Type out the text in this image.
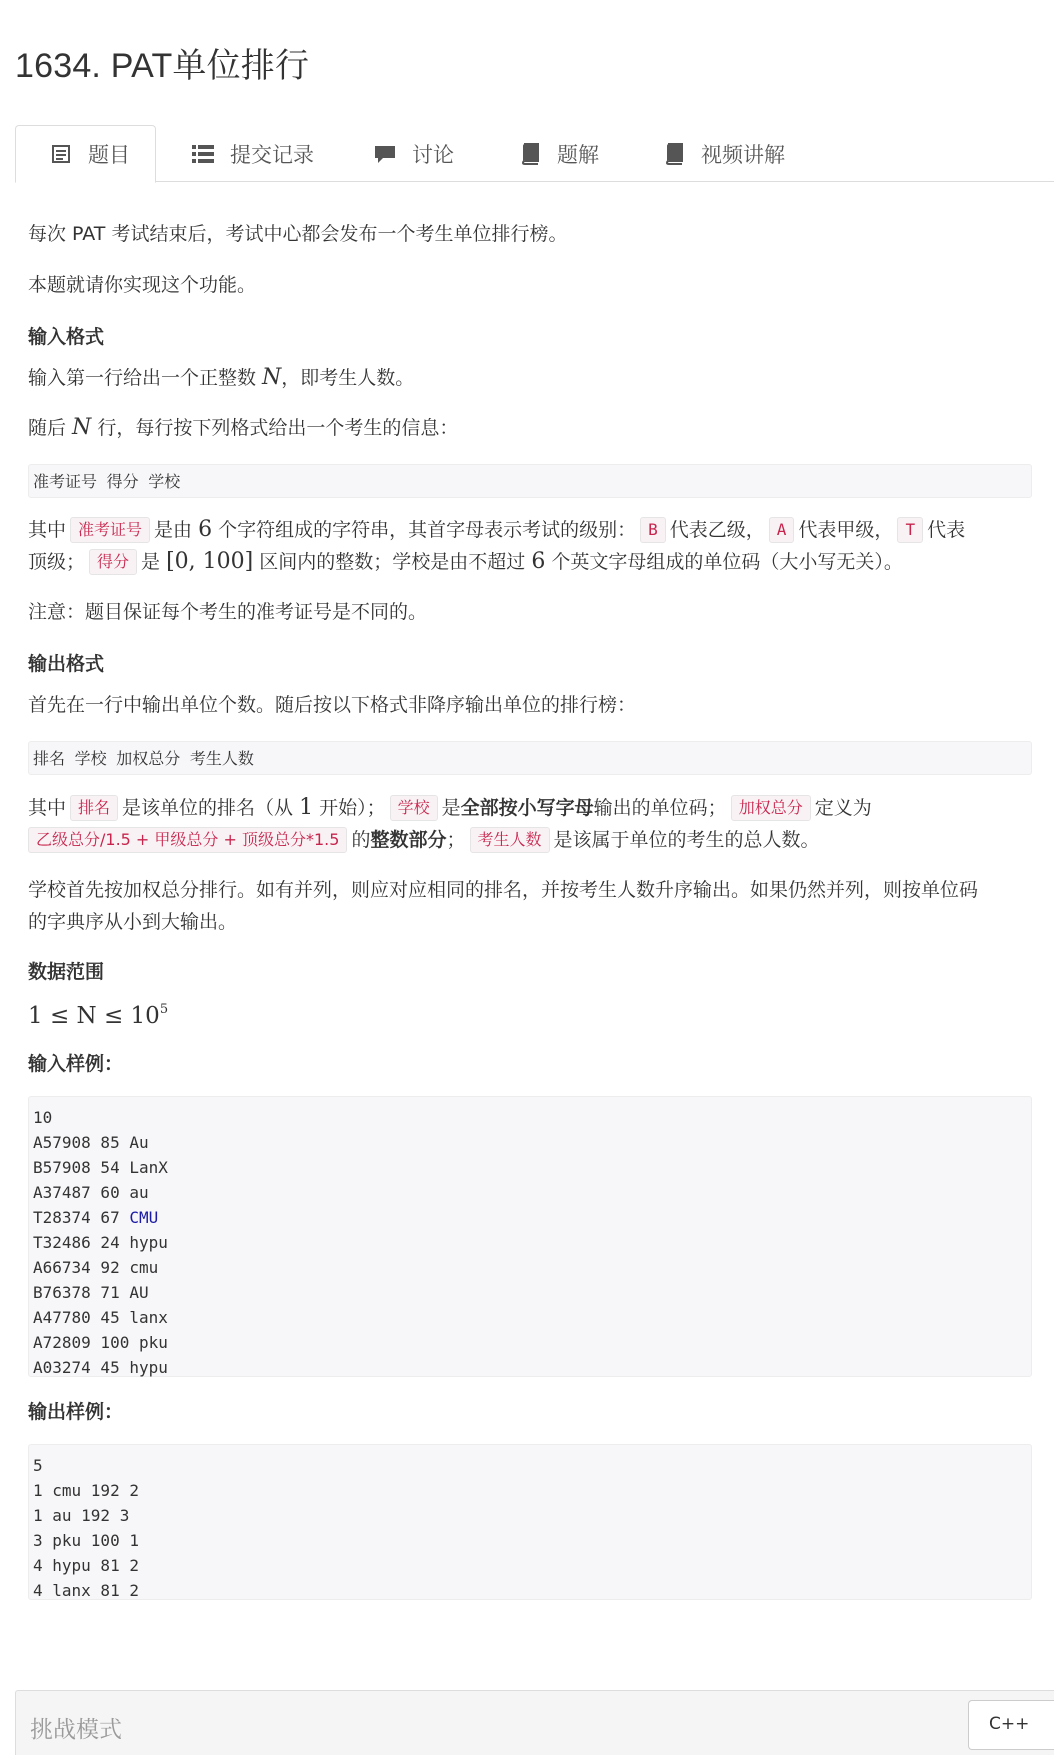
1634. PAT单位排行
题目	提交记录	讨论	题解	视频讲解
每次 PAT 考试结束后，考试中心都会发布一个考生单位排行榜。
本题就请你实现这个功能。
输入格式
输入第一行给出一个正整数 N，即考生人数。
随后 N 行，每行按下列格式给出一个考生的信息：
准考证号 得分 学校
其中 准考证号 是由 6 个字符组成的字符串，其首字母表示考试的级别： B 代表乙级， A 代表甲级， T 代表
顶级； 得分 是 [0, 100] 区间内的整数；学校是由不超过 6 个英文字母组成的单位码（大小写无关）。
注意：题目保证每个考生的准考证号是不同的。
输出格式
首先在一行中输出单位个数。随后按以下格式非降序输出单位的排行榜：
排名 学校 加权总分 考生人数
其中 排名 是该单位的排名（从 1 开始）； 学校 是全部按小写字母输出的单位码； 加权总分 定义为
乙级总分/1.5 + 甲级总分 + 顶级总分*1.5 的整数部分； 考生人数 是该属于单位的考生的总人数。
学校首先按加权总分排行。如有并列，则应对应相同的排名，并按考生人数升序输出。如果仍然并列，则按单位码
的字典序从小到大输出。
数据范围
$1 \le N \le 10^5$
输入样例：
10
A57908 85 Au
B57908 54 LanX
A37487 60 au
T28374 67 CMU
T32486 24 hypu
A66734 92 cmu
B76378 71 AU
A47780 45 lanx
A72809 100 pku
A03274 45 hypu
输出样例：
5
1 cmu 192 2
1 au 192 3
3 pku 100 1
4 hypu 81 2
4 lanx 81 2
挑战模式	C++
